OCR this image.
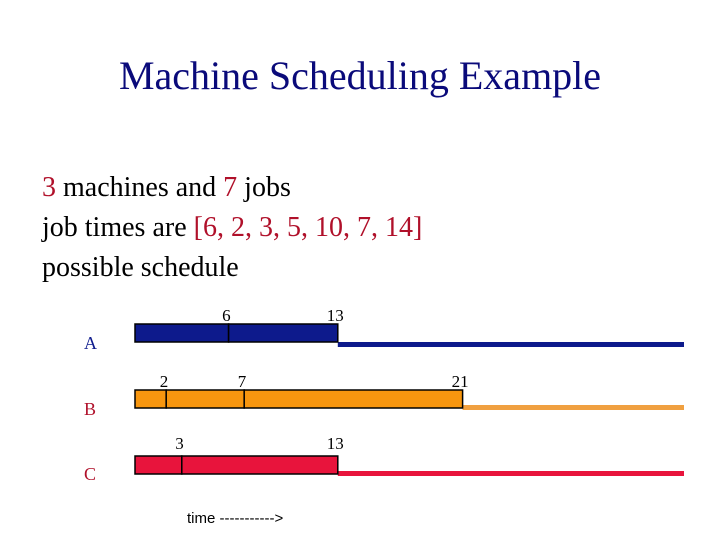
Machine Scheduling Example
3 machines and 7 jobs
job times are [6, 2, 3, 5, 10, 7, 14]
possible schedule
A
6	13
B
2	7	21
C
3	13
time ----------->
